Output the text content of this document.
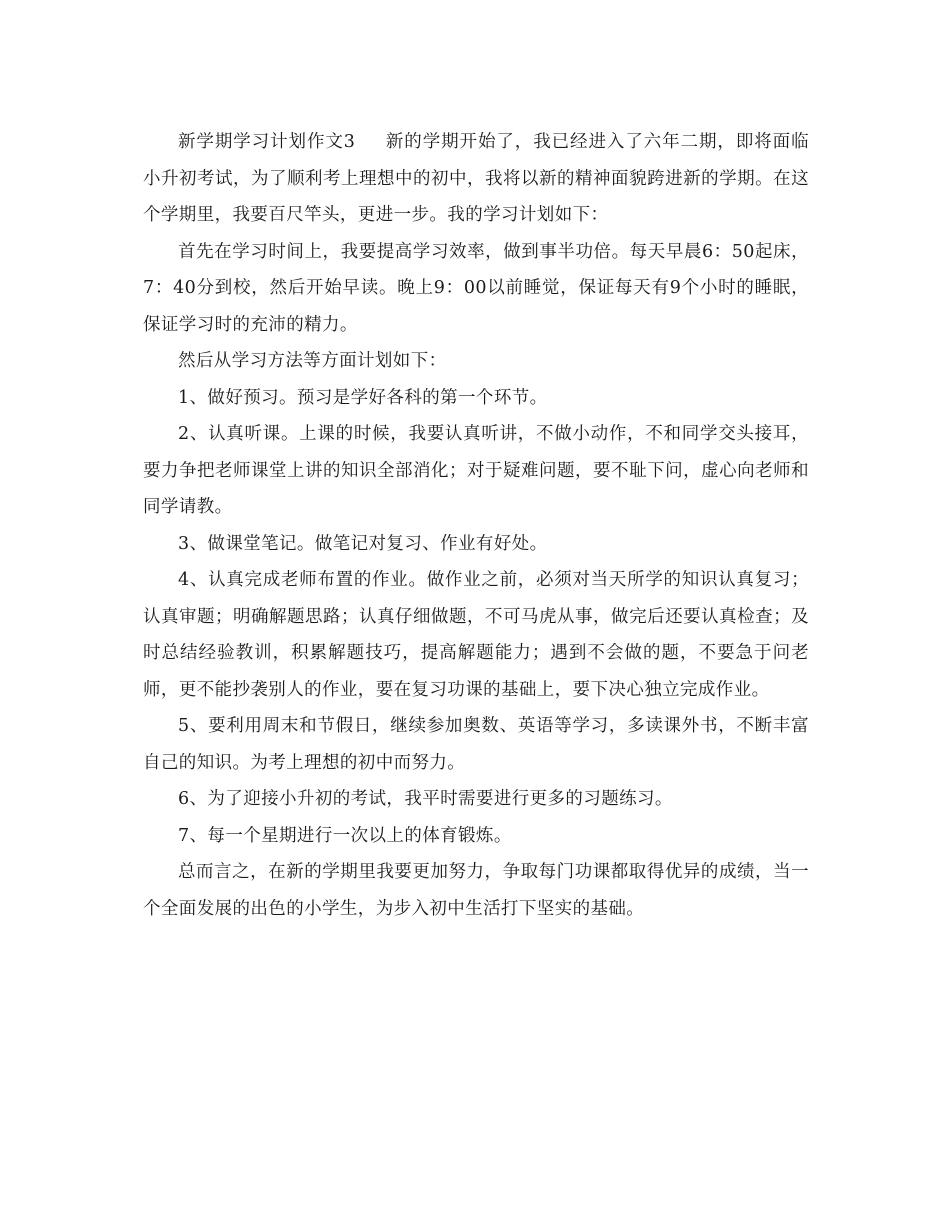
新学期学习计划作文3 新的学期开始了，我已经进入了六年二期，即将面临小升初考试，为了顺利考上理想中的初中，我将以新的精神面貌跨进新的学期。在这个学期里，我要百尺竿头，更进一步。我的学习计划如下：

首先在学习时间上，我要提高学习效率，做到事半功倍。每天早晨6：50起床，7：40分到校，然后开始早读。晚上9：00以前睡觉，保证每天有9个小时的睡眠，保证学习时的充沛的精力。

然后从学习方法等方面计划如下：

1、做好预习。预习是学好各科的第一个环节。

2、认真听课。上课的时候，我要认真听讲，不做小动作，不和同学交头接耳，要力争把老师课堂上讲的知识全部消化；对于疑难问题，要不耻下问，虚心向老师和同学请教。

3、做课堂笔记。做笔记对复习、作业有好处。

4、认真完成老师布置的作业。做作业之前，必须对当天所学的知识认真复习；认真审题；明确解题思路；认真仔细做题，不可马虎从事，做完后还要认真检查；及时总结经验教训，积累解题技巧，提高解题能力；遇到不会做的题，不要急于问老师，更不能抄袭别人的作业，要在复习功课的基础上，要下决心独立完成作业。

5、要利用周末和节假日，继续参加奥数、英语等学习，多读课外书，不断丰富自己的知识。为考上理想的初中而努力。

6、为了迎接小升初的考试，我平时需要进行更多的习题练习。

7、每一个星期进行一次以上的体育锻炼。

总而言之，在新的学期里我要更加努力，争取每门功课都取得优异的成绩，当一个全面发展的出色的小学生，为步入初中生活打下坚实的基础。
